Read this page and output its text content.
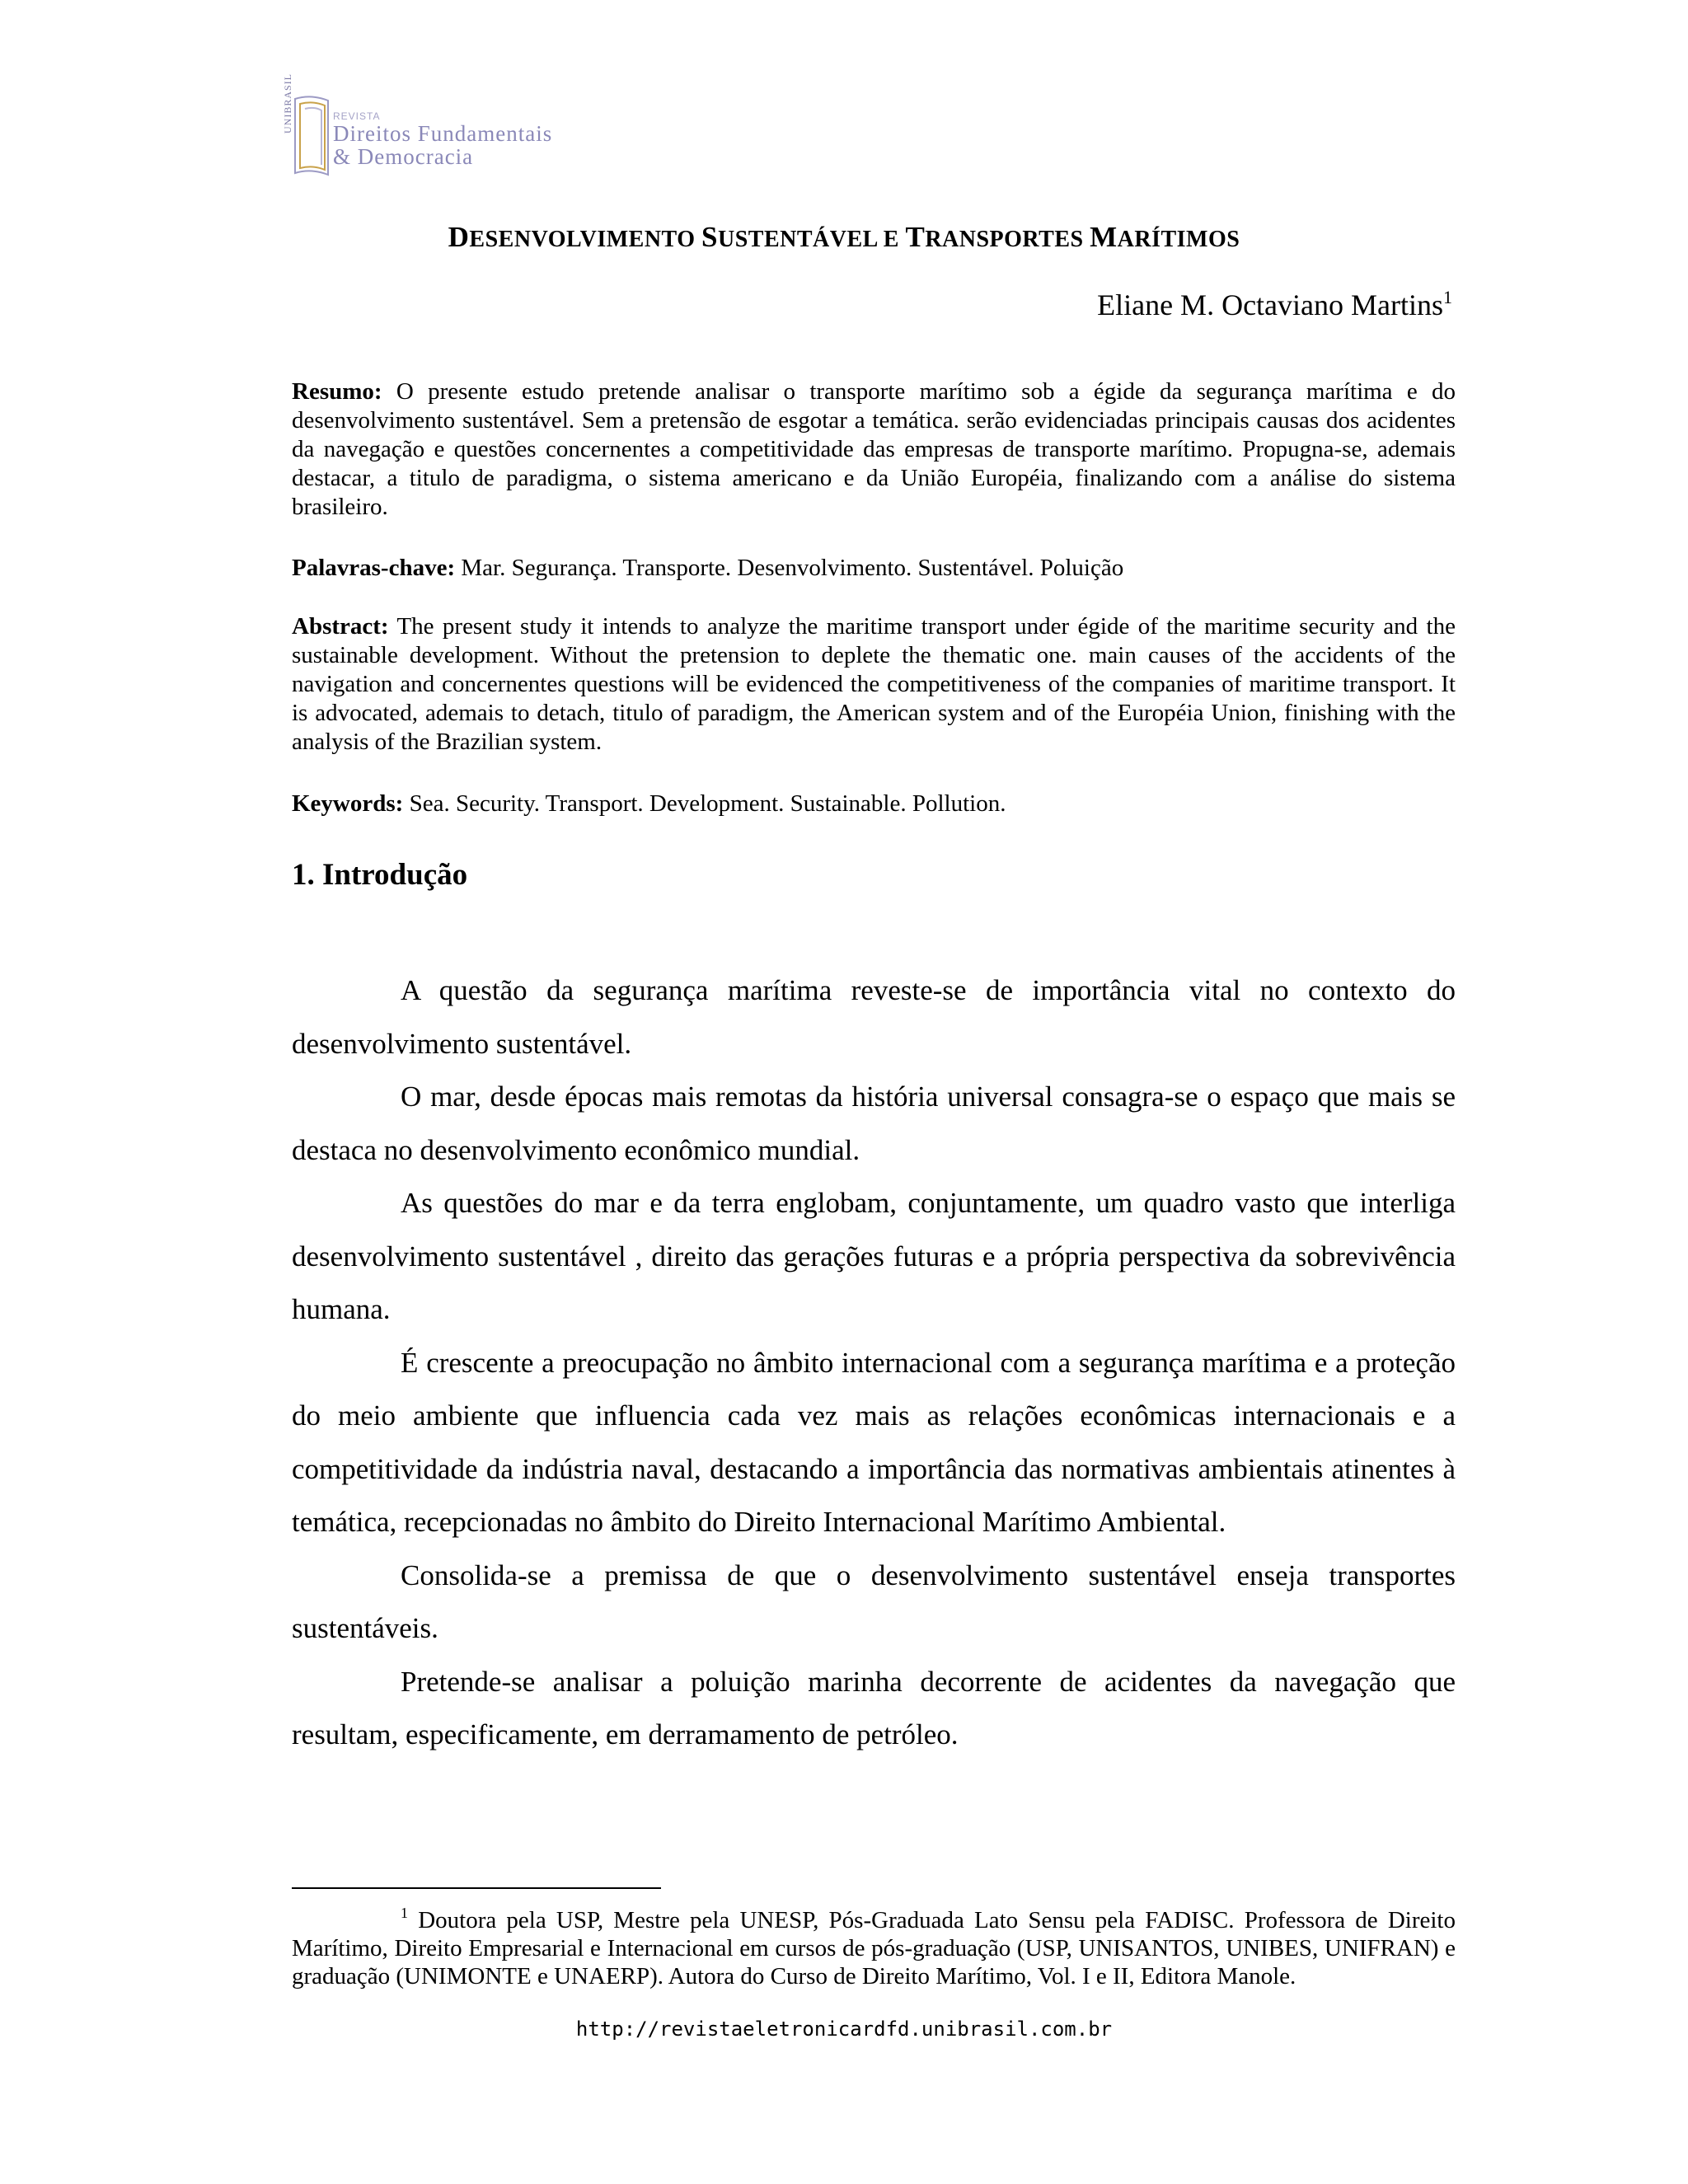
UNIBRASIL	REVISTA
Direitos Fundamentais
& Democracia
DESENVOLVIMENTO SUSTENTÁVEL E TRANSPORTES MARÍTIMOS
Eliane M. Octaviano Martins$^1$
Resumo: O presente estudo pretende analisar o transporte marítimo sob a égide da segurança marítima e do desenvolvimento sustentável. Sem a pretensão de esgotar a temática. serão evidenciadas principais causas dos acidentes da navegação e questões concernentes a competitividade das empresas de transporte marítimo. Propugna-se, ademais destacar, a titulo de paradigma, o sistema americano e da União Européia, finalizando com a análise do sistema brasileiro.
Palavras-chave: Mar. Segurança. Transporte. Desenvolvimento. Sustentável. Poluição
Abstract: The present study it intends to analyze the maritime transport under égide of the maritime security and the sustainable development. Without the pretension to deplete the thematic one. main causes of the accidents of the navigation and concernentes questions will be evidenced the competitiveness of the companies of maritime transport. It is advocated, ademais to detach, titulo of paradigm, the American system and of the Européia Union, finishing with the analysis of the Brazilian system.
Keywords: Sea. Security. Transport. Development. Sustainable. Pollution.
1. Introdução

A questão da segurança marítima reveste-se de importância vital no contexto do desenvolvimento sustentável.

O mar, desde épocas mais remotas da história universal consagra-se o espaço que mais se destaca no desenvolvimento econômico mundial.

As questões do mar e da terra englobam, conjuntamente, um quadro vasto que interliga desenvolvimento sustentável , direito das gerações futuras e a própria perspectiva da sobrevivência humana.

É crescente a preocupação no âmbito internacional com a segurança marítima e a proteção do meio ambiente que influencia cada vez mais as relações econômicas internacionais e a competitividade da indústria naval, destacando a importância das normativas ambientais atinentes à temática, recepcionadas no âmbito do Direito Internacional Marítimo Ambiental.

Consolida-se a premissa de que o desenvolvimento sustentável enseja transportes sustentáveis.

Pretende-se analisar a poluição marinha decorrente de acidentes da navegação que resultam, especificamente, em derramamento de petróleo.

$^1$ Doutora pela USP, Mestre pela UNESP, Pós-Graduada Lato Sensu pela FADISC. Professora de Direito Marítimo, Direito Empresarial e Internacional em cursos de pós-graduação (USP, UNISANTOS, UNIBES, UNIFRAN) e graduação (UNIMONTE e UNAERP). Autora do Curso de Direito Marítimo, Vol. I e II, Editora Manole.
http://revistaeletronicardfd.unibrasil.com.br
